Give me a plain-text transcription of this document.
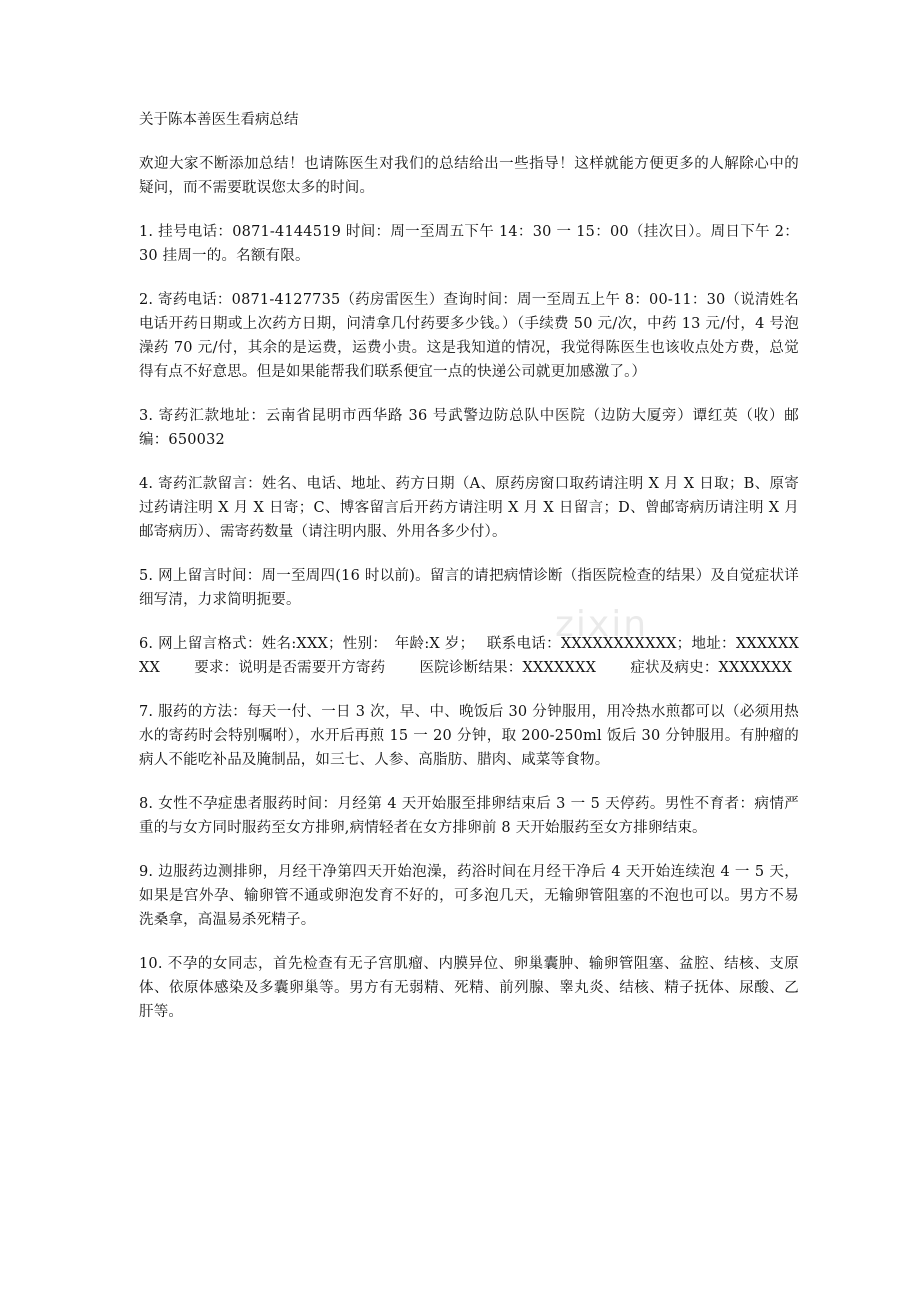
关于陈本善医生看病总结

欢迎大家不断添加总结！也请陈医生对我们的总结给出一些指导！这样就能方便更多的人解除心中的疑问，而不需要耽误您太多的时间。

1. 挂号电话：0871-4144519 时间：周一至周五下午 14：30 一 15：00（挂次日）。周日下午 2：30 挂周一的。名额有限。

2. 寄药电话：0871-4127735（药房雷医生）查询时间：周一至周五上午 8：00-11：30（说清姓名电话开药日期或上次药方日期，问清拿几付药要多少钱。）（手续费 50 元/次，中药 13 元/付，4 号泡澡药 70 元/付，其余的是运费，运费小贵。这是我知道的情况，我觉得陈医生也该收点处方费，总觉得有点不好意思。但是如果能帮我们联系便宜一点的快递公司就更加感激了。）

3. 寄药汇款地址：云南省昆明市西华路 36 号武警边防总队中医院（边防大厦旁）谭红英（收）邮编：650032

4. 寄药汇款留言：姓名、电话、地址、药方日期（A、原药房窗口取药请注明 X 月 X 日取；B、原寄过药请注明 X 月 X 日寄；C、博客留言后开药方请注明 X 月 X 日留言；D、曾邮寄病历请注明 X 月邮寄病历）、需寄药数量（请注明内服、外用各多少付）。

5. 网上留言时间：周一至周四(16 时以前)。留言的请把病情诊断（指医院检查的结果）及自觉症状详细写清，力求简明扼要。

6. 网上留言格式：姓名:XXX；性别：　年龄:X 岁；　 联系电话：XXXXXXXXXXX；地址：XXXXXXXX　　 要求：说明是否需要开方寄药　　 医院诊断结果：XXXXXXX　　 症状及病史：XXXXXXX

7. 服药的方法：每天一付、一日 3 次，早、中、晚饭后 30 分钟服用，用冷热水煎都可以（必须用热水的寄药时会特别嘱咐），水开后再煎 15 一 20 分钟，取 200-250ml 饭后 30 分钟服用。有肿瘤的病人不能吃补品及腌制品，如三七、人参、高脂肪、腊肉、咸菜等食物。

8. 女性不孕症患者服药时间：月经第 4 天开始服至排卵结束后 3 一 5 天停药。男性不育者：病情严重的与女方同时服药至女方排卵,病情轻者在女方排卵前 8 天开始服药至女方排卵结束。

9. 边服药边测排卵，月经干净第四天开始泡澡，药浴时间在月经干净后 4 天开始连续泡 4 一 5 天，如果是宫外孕、输卵管不通或卵泡发育不好的，可多泡几天，无输卵管阻塞的不泡也可以。男方不易洗桑拿，高温易杀死精子。

10. 不孕的女同志，首先检查有无子宫肌瘤、内膜异位、卵巢囊肿、输卵管阻塞、盆腔、结核、支原体、依原体感染及多囊卵巢等。男方有无弱精、死精、前列腺、睾丸炎、结核、精子抚体、尿酸、乙肝等。

zixin
